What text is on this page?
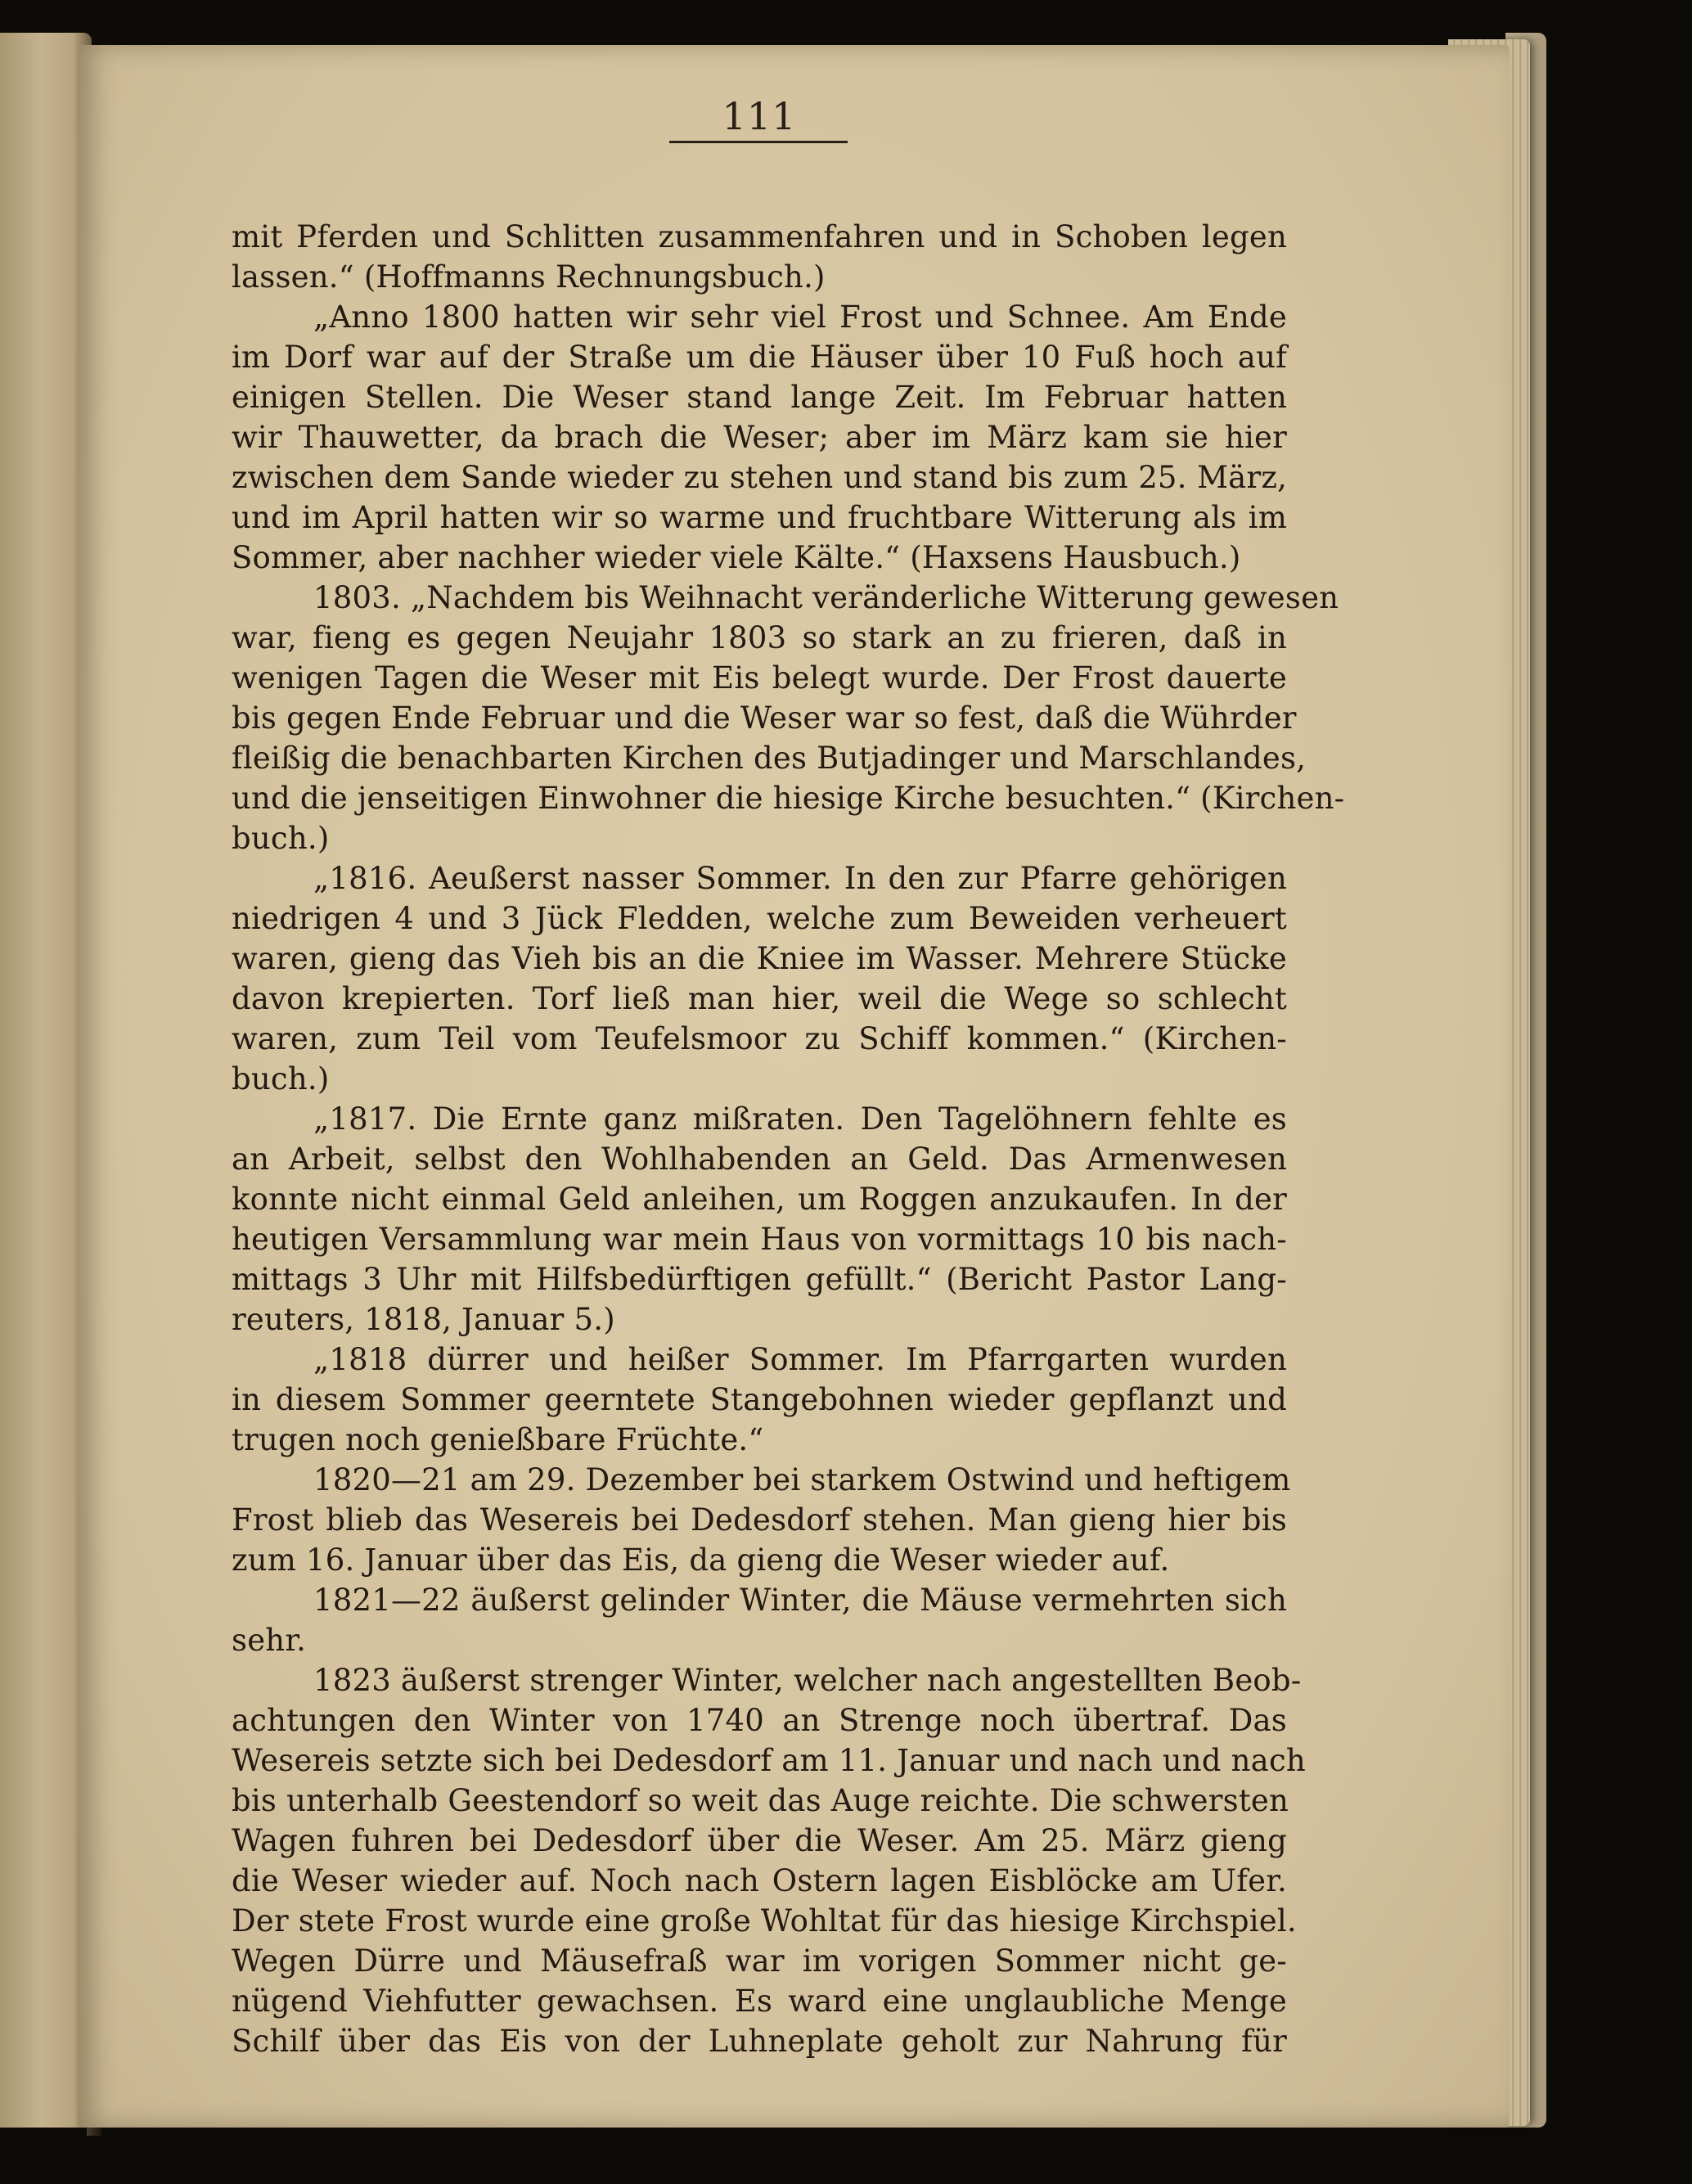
111
mit Pferden und Schlitten zusammenfahren und in Schoben legen
lassen.“ (Hoffmanns Rechnungsbuch.)
„Anno 1800 hatten wir sehr viel Frost und Schnee. Am Ende
im Dorf war auf der Straße um die Häuser über 10 Fuß hoch auf
einigen Stellen. Die Weser stand lange Zeit. Im Februar hatten
wir Thauwetter, da brach die Weser; aber im März kam sie hier
zwischen dem Sande wieder zu stehen und stand bis zum 25. März,
und im April hatten wir so warme und fruchtbare Witterung als im
Sommer, aber nachher wieder viele Kälte.“ (Haxsens Hausbuch.)
1803. „Nachdem bis Weihnacht veränderliche Witterung gewesen
war, fieng es gegen Neujahr 1803 so stark an zu frieren, daß in
wenigen Tagen die Weser mit Eis belegt wurde. Der Frost dauerte
bis gegen Ende Februar und die Weser war so fest, daß die Wührder
fleißig die benachbarten Kirchen des Butjadinger und Marschlandes,
und die jenseitigen Einwohner die hiesige Kirche besuchten.“ (Kirchen-
buch.)
„1816. Aeußerst nasser Sommer. In den zur Pfarre gehörigen
niedrigen 4 und 3 Jück Fledden, welche zum Beweiden verheuert
waren, gieng das Vieh bis an die Kniee im Wasser. Mehrere Stücke
davon krepierten. Torf ließ man hier, weil die Wege so schlecht
waren, zum Teil vom Teufelsmoor zu Schiff kommen.“ (Kirchen-
buch.)
„1817. Die Ernte ganz mißraten. Den Tagelöhnern fehlte es
an Arbeit, selbst den Wohlhabenden an Geld. Das Armenwesen
konnte nicht einmal Geld anleihen, um Roggen anzukaufen. In der
heutigen Versammlung war mein Haus von vormittags 10 bis nach-
mittags 3 Uhr mit Hilfsbedürftigen gefüllt.“ (Bericht Pastor Lang-
reuters, 1818, Januar 5.)
„1818 dürrer und heißer Sommer. Im Pfarrgarten wurden
in diesem Sommer geerntete Stangebohnen wieder gepflanzt und
trugen noch genießbare Früchte.“
1820—21 am 29. Dezember bei starkem Ostwind und heftigem
Frost blieb das Wesereis bei Dedesdorf stehen. Man gieng hier bis
zum 16. Januar über das Eis, da gieng die Weser wieder auf.
1821—22 äußerst gelinder Winter, die Mäuse vermehrten sich
sehr.
1823 äußerst strenger Winter, welcher nach angestellten Beob-
achtungen den Winter von 1740 an Strenge noch übertraf. Das
Wesereis setzte sich bei Dedesdorf am 11. Januar und nach und nach
bis unterhalb Geestendorf so weit das Auge reichte. Die schwersten
Wagen fuhren bei Dedesdorf über die Weser. Am 25. März gieng
die Weser wieder auf. Noch nach Ostern lagen Eisblöcke am Ufer.
Der stete Frost wurde eine große Wohltat für das hiesige Kirchspiel.
Wegen Dürre und Mäusefraß war im vorigen Sommer nicht ge-
nügend Viehfutter gewachsen. Es ward eine unglaubliche Menge
Schilf über das Eis von der Luhneplate geholt zur Nahrung für
